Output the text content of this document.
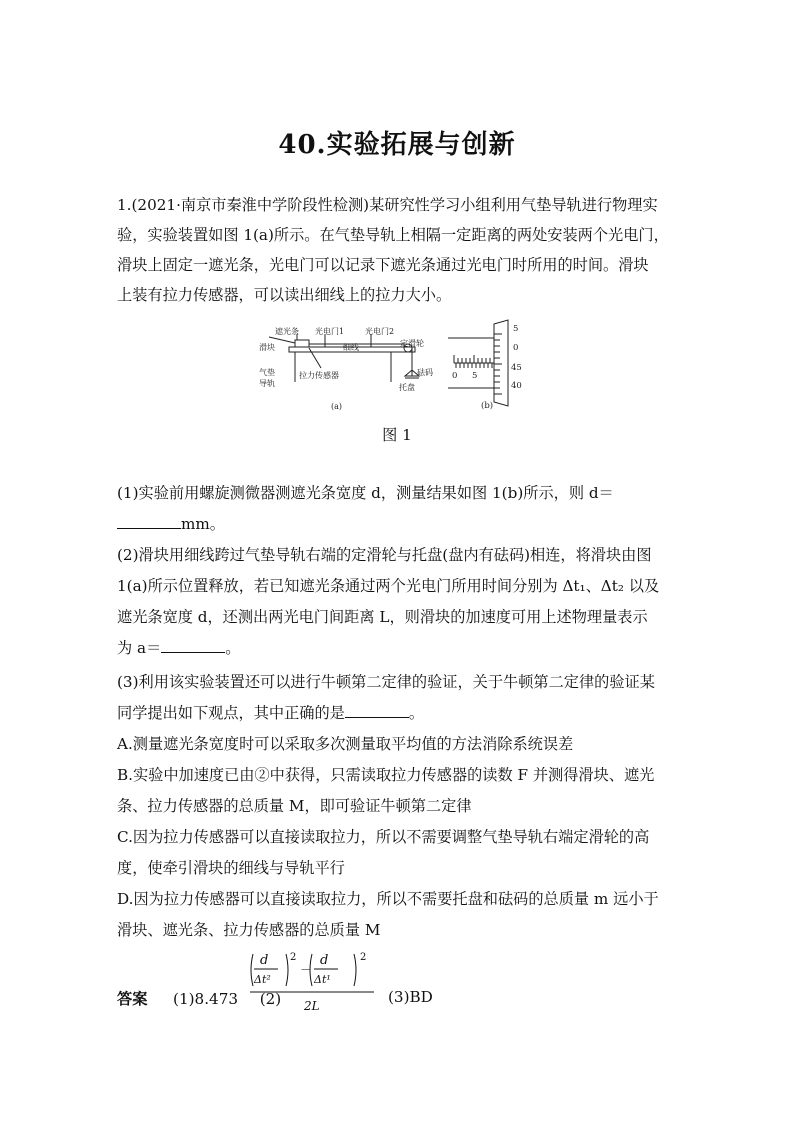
40.实验拓展与创新
1.(2021·南京市秦淮中学阶段性检测)某研究性学习小组利用气垫导轨进行物理实
验，实验装置如图 1(a)所示。在气垫导轨上相隔一定距离的两处安装两个光电门，
滑块上固定一遮光条，光电门可以记录下遮光条通过光电门时所用的时间。滑块
上装有拉力传感器，可以读出细线上的拉力大小。
遮光条 光电门1	光电门2
滑块	细线	定滑轮
气垫
导轨
拉力传感器	砝码
托盘
(a)
0 5
5
0
45
40
(b)
图 1
(1)实验前用螺旋测微器测遮光条宽度 d，测量结果如图 1(b)所示，则 d＝
mm。
(2)滑块用细线跨过气垫导轨右端的定滑轮与托盘(盘内有砝码)相连，将滑块由图
1(a)所示位置释放，若已知遮光条通过两个光电门所用时间分别为 Δt₁、Δt₂ 以及
遮光条宽度 d，还测出两光电门间距离 L，则滑块的加速度可用上述物理量表示
为 a＝	。
(3)利用该实验装置还可以进行牛顿第二定律的验证，关于牛顿第二定律的验证某
同学提出如下观点，其中正确的是	。
A.测量遮光条宽度时可以采取多次测量取平均值的方法消除系统误差
B.实验中加速度已由②中获得，只需读取拉力传感器的读数 F 并测得滑块、遮光
条、拉力传感器的总质量 M，即可验证牛顿第二定律
C.因为拉力传感器可以直接读取拉力，所以不需要调整气垫导轨右端定滑轮的高
度，使牵引滑块的细线与导轨平行
D.因为拉力传感器可以直接读取拉力，所以不需要托盘和砝码的总质量 m 远小于
滑块、遮光条、拉力传感器的总质量 M
答案 (1)8.473 (2)
d
Δt²
d
Δt¹
－
2	2
2L	(3)BD
